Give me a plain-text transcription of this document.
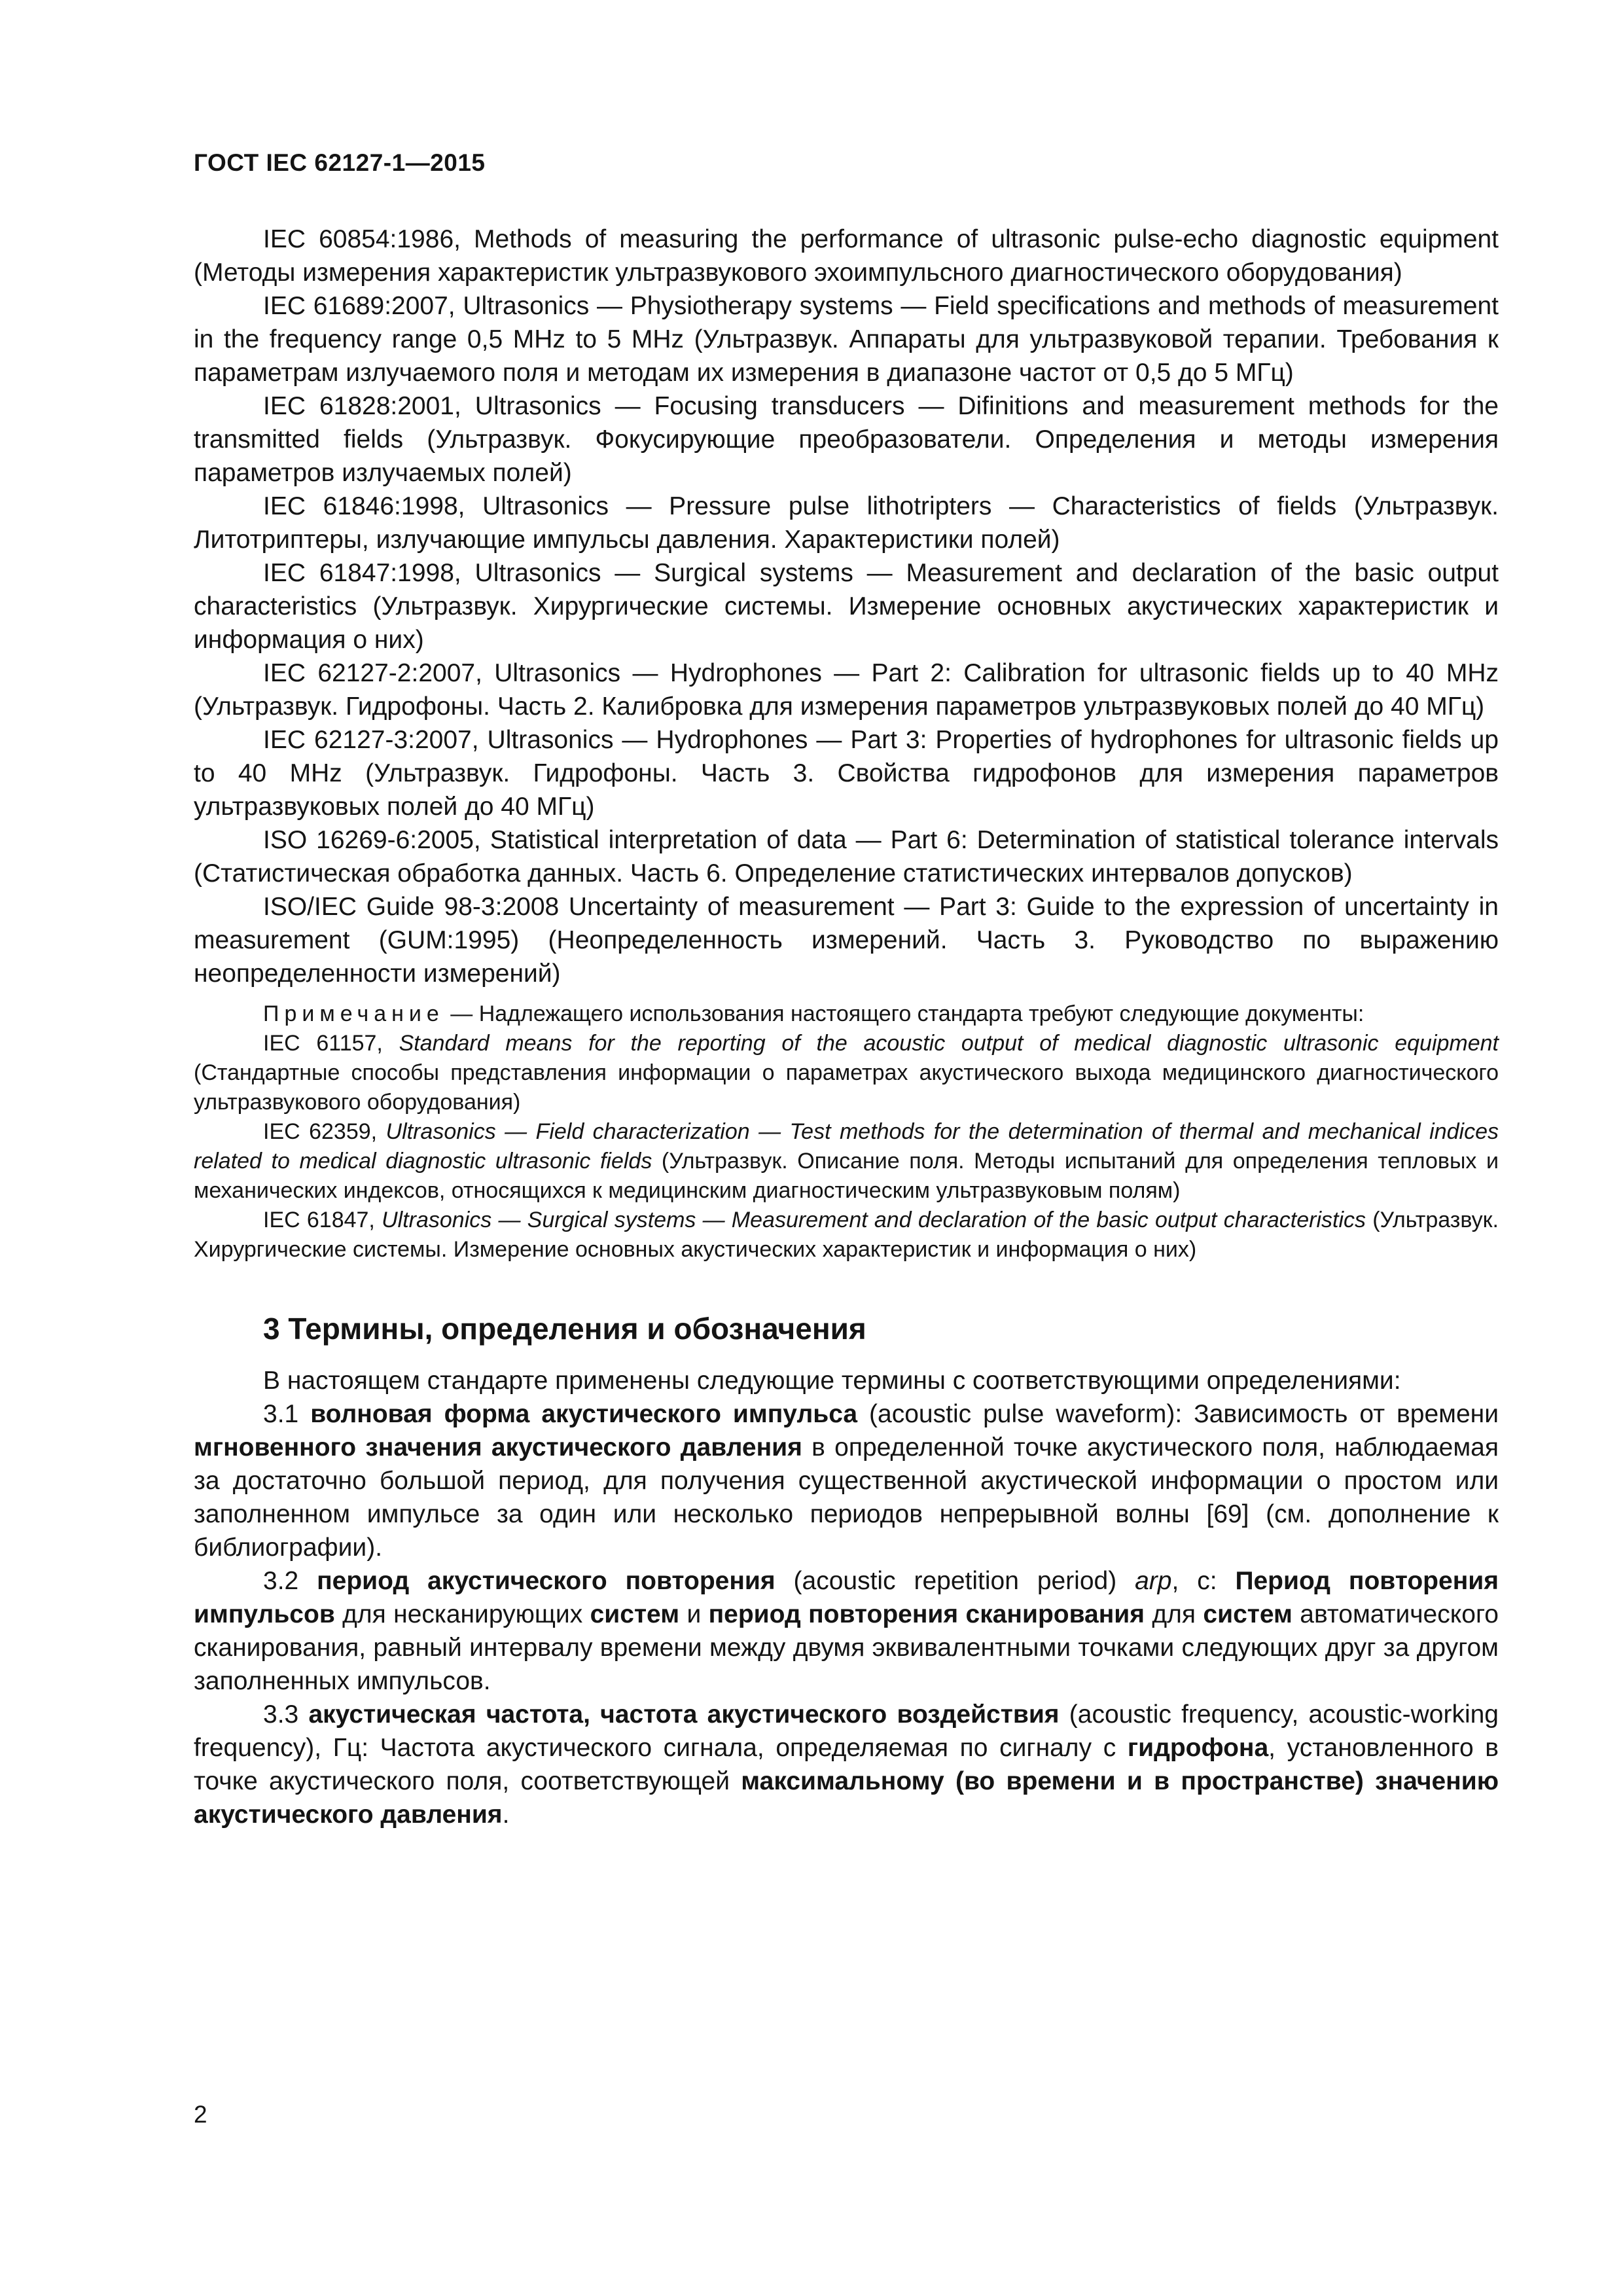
ГОСТ IEC 62127-1—2015

IEC 60854:1986, Methods of measuring the performance of ultrasonic pulse-echo diagnostic equipment (Методы измерения характеристик ультразвукового эхоимпульсного диагностического оборудования)

IEC 61689:2007, Ultrasonics — Physiotherapy systems — Field specifications and methods of measurement in the frequency range 0,5 MHz to 5 MHz (Ультразвук. Аппараты для ультразвуковой терапии. Требования к параметрам излучаемого поля и методам их измерения в диапазоне частот от 0,5 до 5 МГц)

IEC 61828:2001, Ultrasonics — Focusing transducers — Difinitions and measurement methods for the transmitted fields (Ультразвук. Фокусирующие преобразователи. Определения и методы измерения параметров излучаемых полей)

IEC 61846:1998, Ultrasonics — Pressure pulse lithotripters — Characteristics of fields (Ультразвук. Литотриптеры, излучающие импульсы давления. Характеристики полей)

IEC 61847:1998, Ultrasonics — Surgical systems — Measurement and declaration of the basic output characteristics (Ультразвук. Хирургические системы. Измерение основных акустических характеристик и информация о них)

IEC 62127-2:2007, Ultrasonics — Hydrophones — Part 2: Calibration for ultrasonic fields up to 40 MHz (Ультразвук. Гидрофоны. Часть 2. Калибровка для измерения параметров ультразвуковых полей до 40 МГц)

IEC 62127-3:2007, Ultrasonics — Hydrophones — Part 3: Properties of hydrophones for ultrasonic fields up to 40 MHz (Ультразвук. Гидрофоны. Часть 3. Свойства гидрофонов для измерения параметров ультразвуковых полей до 40 МГц)

ISO 16269-6:2005, Statistical interpretation of data — Part 6: Determination of statistical tolerance intervals (Статистическая обработка данных. Часть 6. Определение статистических интервалов допусков)

ISO/IEC Guide 98-3:2008 Uncertainty of measurement — Part 3: Guide to the expression of uncertainty in measurement (GUM:1995) (Неопределенность измерений. Часть 3. Руководство по выражению неопределенности измерений)

Примечание — Надлежащего использования настоящего стандарта требуют следующие документы:

IEC 61157, Standard means for the reporting of the acoustic output of medical diagnostic ultrasonic equipment (Стандартные способы представления информации о параметрах акустического выхода медицинского диагностического ультразвукового оборудования)

IEC 62359, Ultrasonics — Field characterization — Test methods for the determination of thermal and mechanical indices related to medical diagnostic ultrasonic fields (Ультразвук. Описание поля. Методы испытаний для определения тепловых и механических индексов, относящихся к медицинским диагностическим ультразвуковым полям)

IEC 61847, Ultrasonics — Surgical systems — Measurement and declaration of the basic output characteristics (Ультразвук. Хирургические системы. Измерение основных акустических характеристик и информация о них)

3 Термины, определения и обозначения

В настоящем стандарте применены следующие термины с соответствующими определениями:

3.1 волновая форма акустического импульса (acoustic pulse waveform): Зависимость от времени мгновенного значения акустического давления в определенной точке акустического поля, наблюдаемая за достаточно большой период, для получения существенной акустической информации о простом или заполненном импульсе за один или несколько периодов непрерывной волны [69] (см. дополнение к библиографии).

3.2 период акустического повторения (acoustic repetition period) arp, с: Период повторения импульсов для несканирующих систем и период повторения сканирования для систем автоматического сканирования, равный интервалу времени между двумя эквивалентными точками следующих друг за другом заполненных импульсов.

3.3 акустическая частота, частота акустического воздействия (acoustic frequency, acoustic-working frequency), Гц: Частота акустического сигнала, определяемая по сигналу с гидрофона, установленного в точке акустического поля, соответствующей максимальному (во времени и в пространстве) значению акустического давления.

2
